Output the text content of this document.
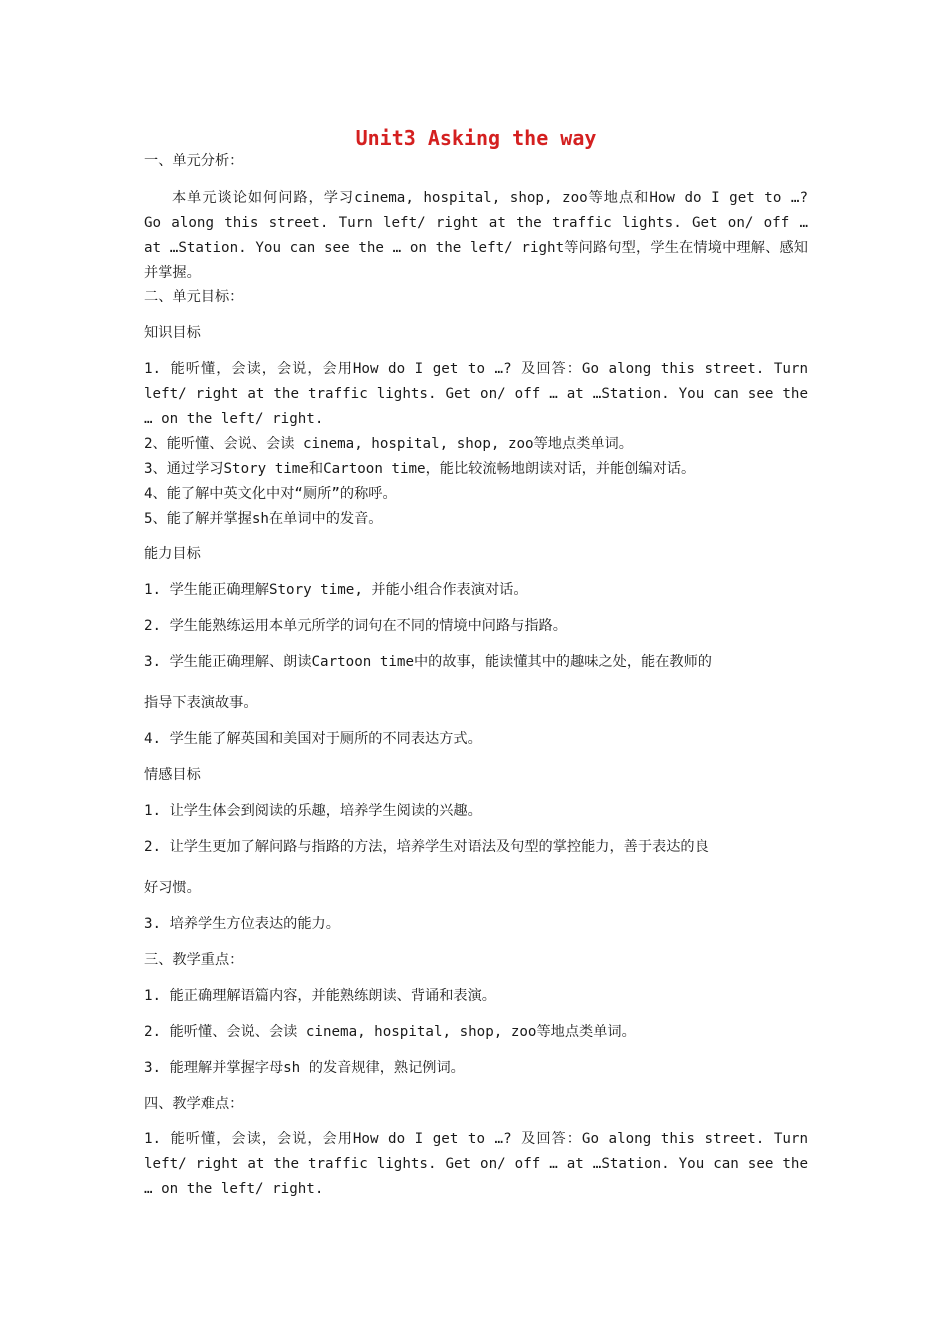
Unit3 Asking the way
一、单元分析：
本单元谈论如何问路，学习cinema, hospital, shop, zoo等地点和How do I get to …? Go along this street. Turn left/ right at the traffic lights. Get on/ off … at …Station. You can see the … on the left/ right等问路句型，学生在情境中理解、感知并掌握。
二、单元目标：
知识目标
1. 能听懂，会读，会说，会用How do I get to …? 及回答：Go along this street. Turn left/ right at the traffic lights. Get on/ off … at …Station. You can see the … on the left/ right.
2、能听懂、会说、会读 cinema, hospital, shop, zoo等地点类单词。
3、通过学习Story time和Cartoon time，能比较流畅地朗读对话，并能创编对话。
4、能了解中英文化中对“厕所”的称呼。
5、能了解并掌握sh在单词中的发音。
能力目标
1. 学生能正确理解Story time, 并能小组合作表演对话。
2. 学生能熟练运用本单元所学的词句在不同的情境中问路与指路。
3. 学生能正确理解、朗读Cartoon time中的故事，能读懂其中的趣味之处，能在教师的
指导下表演故事。
4. 学生能了解英国和美国对于厕所的不同表达方式。
情感目标
1. 让学生体会到阅读的乐趣，培养学生阅读的兴趣。
2. 让学生更加了解问路与指路的方法，培养学生对语法及句型的掌控能力，善于表达的良
好习惯。
3. 培养学生方位表达的能力。
三、教学重点：
1. 能正确理解语篇内容，并能熟练朗读、背诵和表演。
2. 能听懂、会说、会读 cinema, hospital, shop, zoo等地点类单词。
3. 能理解并掌握字母sh 的发音规律，熟记例词。
四、教学难点：
1. 能听懂，会读，会说，会用How do I get to …? 及回答：Go along this street. Turn left/ right at the traffic lights. Get on/ off … at …Station. You can see the … on the left/ right.
